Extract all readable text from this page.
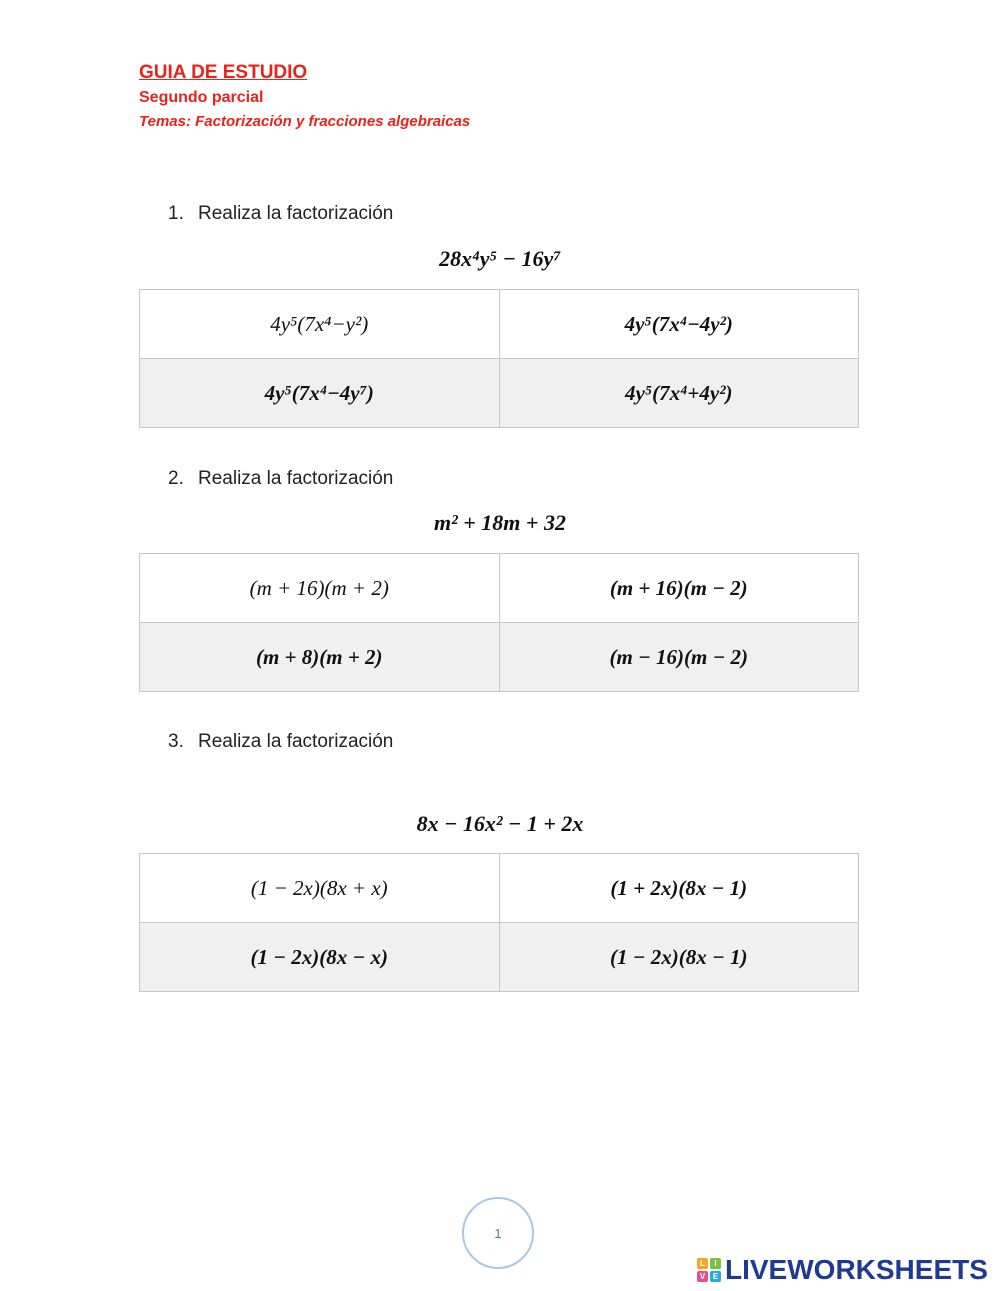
GUIA DE ESTUDIO
Segundo parcial
Temas: Factorización y fracciones algebraicas
1. Realiza la factorización
28x⁴y⁵ − 16y⁷
4y⁵(7x⁴−y²)	4y⁵(7x⁴−4y²)
4y⁵(7x⁴−4y⁷)	4y⁵(7x⁴+4y²)
2. Realiza la factorización
m² + 18m + 32
(m + 16)(m + 2)	(m + 16)(m − 2)
(m + 8)(m + 2)	(m − 16)(m − 2)
3. Realiza la factorización
8x − 16x² − 1 + 2x
(1 − 2x)(8x + x)	(1 + 2x)(8x − 1)
(1 − 2x)(8x − x)	(1 − 2x)(8x − 1)
1
L	I
V E LIVEWORKSHEETS
